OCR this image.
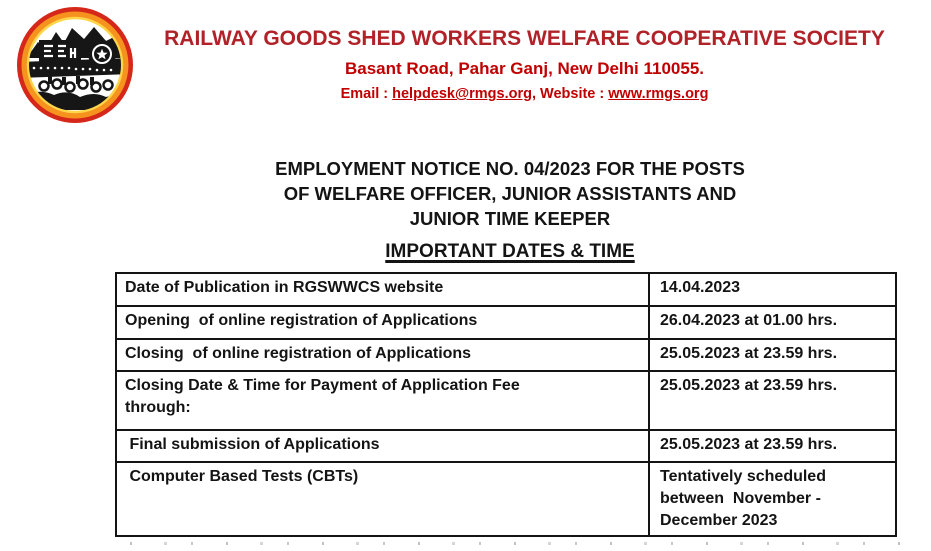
RAILWAY GOODS SHED WORKERS WELFARE COOPERATIVE SOCIETY
Basant Road, Pahar Ganj, New Delhi 110055.
Email : helpdesk@rmgs.org, Website : www.rmgs.org
EMPLOYMENT NOTICE NO. 04/2023 FOR THE POSTS
OF WELFARE OFFICER, JUNIOR ASSISTANTS AND
JUNIOR TIME KEEPER
IMPORTANT DATES & TIME
Date of Publication in RGSWWCS website	14.04.2023
Opening  of online registration of Applications	26.04.2023 at 01.00 hrs.
Closing  of online registration of Applications	25.05.2023 at 23.59 hrs.
Closing Date & Time for Payment of Application Fee
through:	25.05.2023 at 23.59 hrs.
Final submission of Applications	25.05.2023 at 23.59 hrs.
Computer Based Tests (CBTs)	Tentatively scheduled
between  November -
December 2023
